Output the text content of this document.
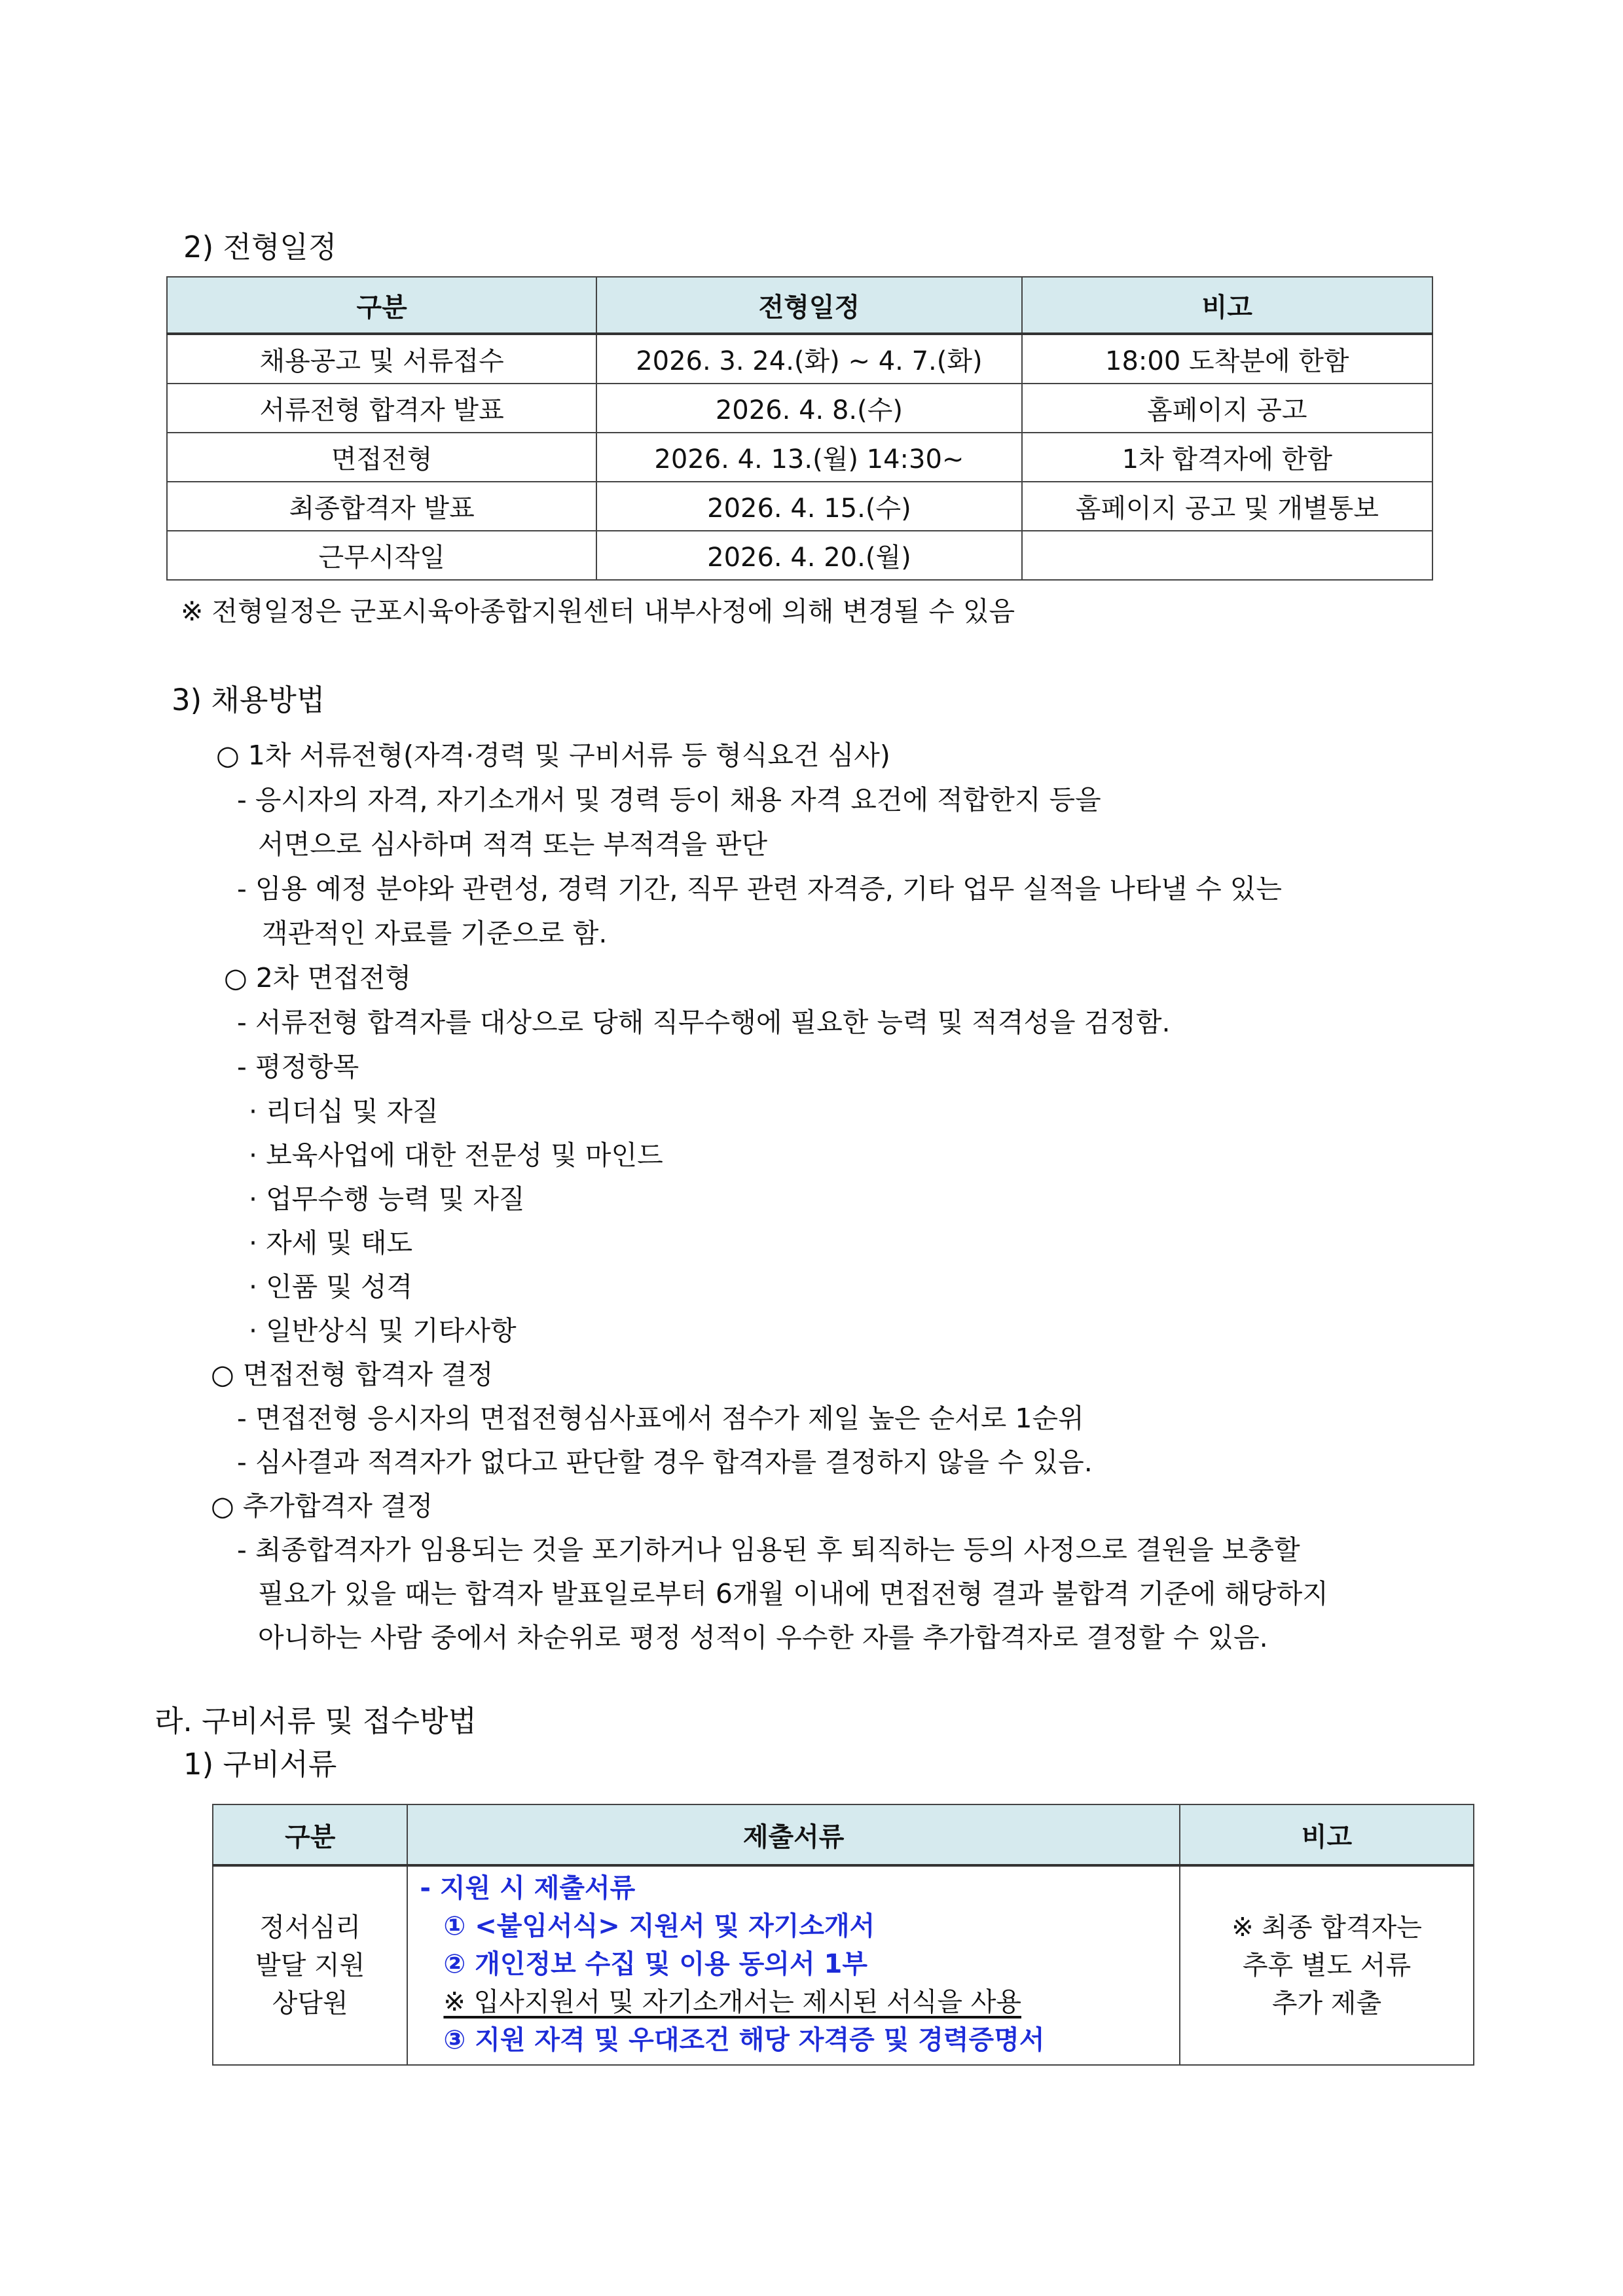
2) 전형일정
구분	전형일정	비고
채용공고 및 서류접수	2026. 3. 24.(화) ~ 4. 7.(화)	18:00 도착분에 한함
서류전형 합격자 발표	2026. 4. 8.(수)	홈페이지 공고
면접전형	2026. 4. 13.(월) 14:30~	1차 합격자에 한함
최종합격자 발표	2026. 4. 15.(수)	홈페이지 공고 및 개별통보
근무시작일	2026. 4. 20.(월)	
※ 전형일정은 군포시육아종합지원센터 내부사정에 의해 변경될 수 있음
3) 채용방법
○ 1차 서류전형(자격·경력 및 구비서류 등 형식요건 심사)
- 응시자의 자격, 자기소개서 및 경력 등이 채용 자격 요건에 적합한지 등을
서면으로 심사하며 적격 또는 부적격을 판단
- 임용 예정 분야와 관련성, 경력 기간, 직무 관련 자격증, 기타 업무 실적을 나타낼 수 있는
객관적인 자료를 기준으로 함.
○ 2차 면접전형
- 서류전형 합격자를 대상으로 당해 직무수행에 필요한 능력 및 적격성을 검정함.
- 평정항목
· 리더십 및 자질
· 보육사업에 대한 전문성 및 마인드
· 업무수행 능력 및 자질
· 자세 및 태도
· 인품 및 성격
· 일반상식 및 기타사항
○ 면접전형 합격자 결정
- 면접전형 응시자의 면접전형심사표에서 점수가 제일 높은 순서로 1순위
- 심사결과 적격자가 없다고 판단할 경우 합격자를 결정하지 않을 수 있음.
○ 추가합격자 결정
- 최종합격자가 임용되는 것을 포기하거나 임용된 후 퇴직하는 등의 사정으로 결원을 보충할
필요가 있을 때는 합격자 발표일로부터 6개월 이내에 면접전형 결과 불합격 기준에 해당하지
아니하는 사람 중에서 차순위로 평정 성적이 우수한 자를 추가합격자로 결정할 수 있음.
라. 구비서류 및 접수방법
1) 구비서류
구분	제출서류	비고

정서심리
발달 지원
상담원	- 지원 시 제출서류
① <붙임서식> 지원서 및 자기소개서
② 개인정보 수집 및 이용 동의서 1부
※ 입사지원서 및 자기소개서는 제시된 서식을 사용
③ 지원 자격 및 우대조건 해당 자격증 및 경력증명서	※ 최종 합격자는
추후 별도 서류
추가 제출
